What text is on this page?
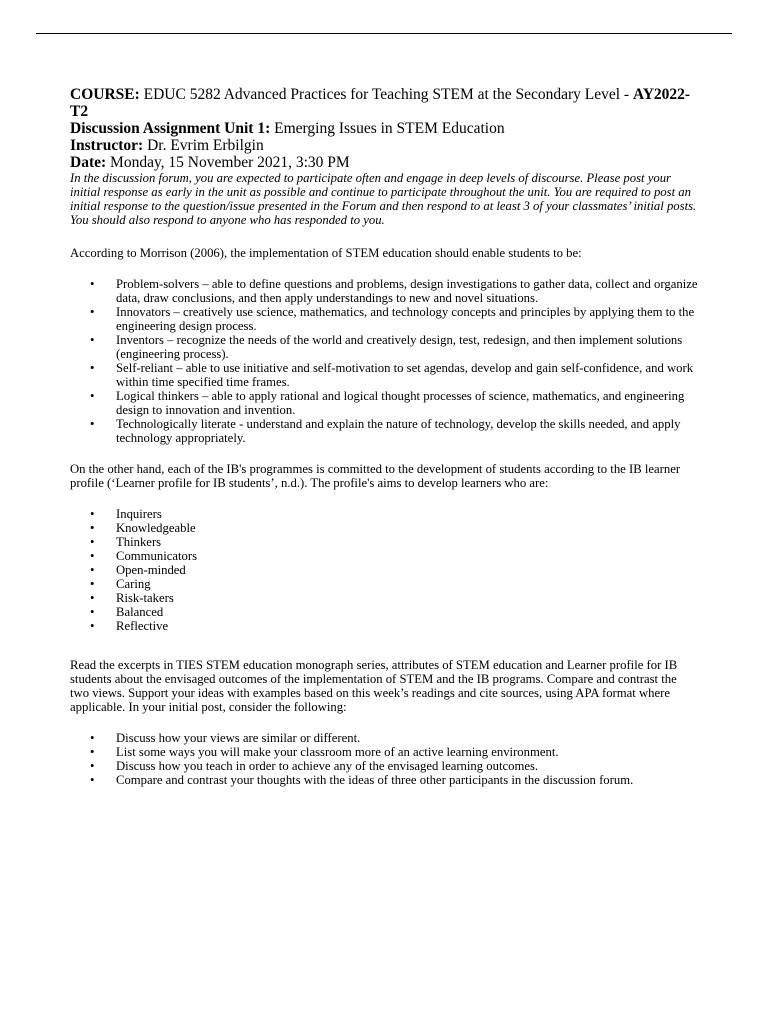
COURSE: EDUC 5282 Advanced Practices for Teaching STEM at the Secondary Level - AY2022-T2

Discussion Assignment Unit 1: Emerging Issues in STEM Education

Instructor: Dr. Evrim Erbilgin

Date: Monday, 15 November 2021, 3:30 PM

In the discussion forum, you are expected to participate often and engage in deep levels of discourse. Please post your initial response as early in the unit as possible and continue to participate throughout the unit. You are required to post an initial response to the question/issue presented in the Forum and then respond to at least 3 of your classmates’ initial posts. You should also respond to anyone who has responded to you.

According to Morrison (2006), the implementation of STEM education should enable students to be:

• Problem-solvers – able to define questions and problems, design investigations to gather data, collect and organize data, draw conclusions, and then apply understandings to new and novel situations.
• Innovators – creatively use science, mathematics, and technology concepts and principles by applying them to the engineering design process.
• Inventors – recognize the needs of the world and creatively design, test, redesign, and then implement solutions (engineering process).
• Self-reliant – able to use initiative and self-motivation to set agendas, develop and gain self-confidence, and work within time specified time frames.
• Logical thinkers – able to apply rational and logical thought processes of science, mathematics, and engineering design to innovation and invention.
• Technologically literate - understand and explain the nature of technology, develop the skills needed, and apply technology appropriately.

On the other hand, each of the IB's programmes is committed to the development of students according to the IB learner profile (‘Learner profile for IB students’, n.d.). The profile's aims to develop learners who are:

• Inquirers
• Knowledgeable
• Thinkers
• Communicators
• Open-minded
• Caring
• Risk-takers
• Balanced
• Reflective

Read the excerpts in TIES STEM education monograph series, attributes of STEM education and Learner profile for IB students about the envisaged outcomes of the implementation of STEM and the IB programs. Compare and contrast the two views. Support your ideas with examples based on this week’s readings and cite sources, using APA format where applicable. In your initial post, consider the following:

• Discuss how your views are similar or different.
• List some ways you will make your classroom more of an active learning environment.
• Discuss how you teach in order to achieve any of the envisaged learning outcomes.
• Compare and contrast your thoughts with the ideas of three other participants in the discussion forum.
